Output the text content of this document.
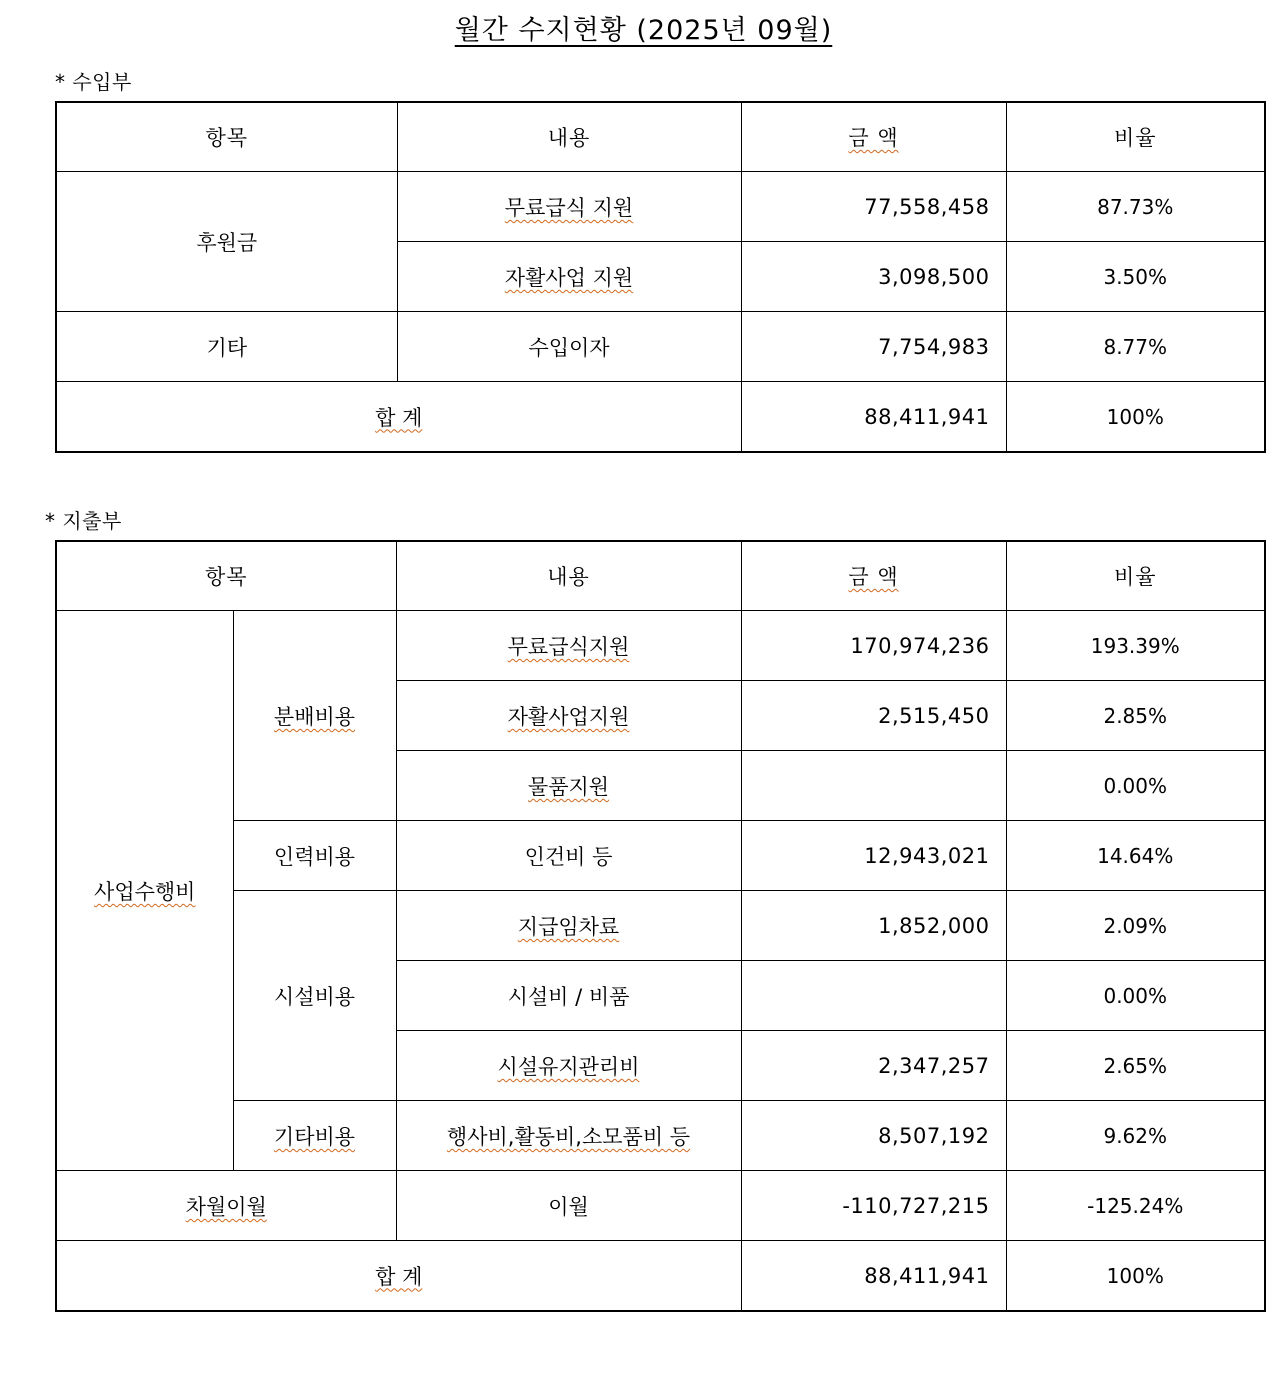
월간 수지현황 (2025년 09월)
* 수입부
항목	내용	금 액	비율
후원금	무료급식 지원	77,558,458	87.73%
	자활사업 지원	3,098,500	3.50%
기타	수입이자	7,754,983	8.77%
합 계		88,411,941	100%
* 지출부
항목		내용	금 액	비율
사업수행비	분배비용	무료급식지원	170,974,236	193.39%
		자활사업지원	2,515,450	2.85%
		물품지원		0.00%
	인력비용	인건비 등	12,943,021	14.64%
	시설비용	지급임차료	1,852,000	2.09%
		시설비 / 비품		0.00%
		시설유지관리비	2,347,257	2.65%
	기타비용	행사비,활동비,소모품비 등	8,507,192	9.62%
차월이월		이월	-110,727,215	-125.24%
합 계			88,411,941	100%
